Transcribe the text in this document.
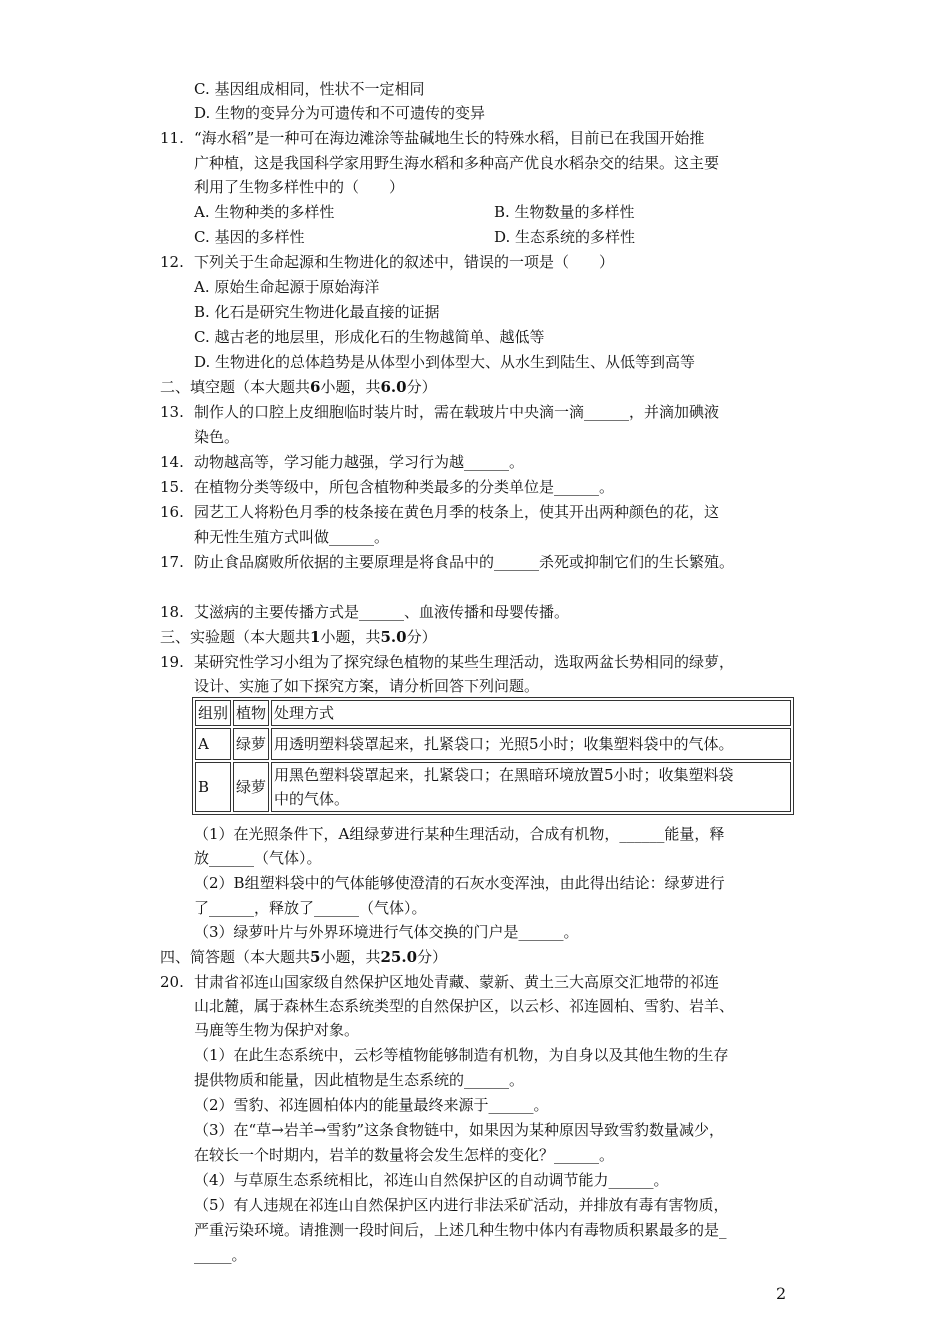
C. 基因组成相同，性状不一定相同
D. 生物的变异分为可遗传和不可遗传的变异
11. “海水稻”是一种可在海边滩涂等盐碱地生长的特殊水稻，目前已在我国开始推
广种植，这是我国科学家用野生海水稻和多种高产优良水稻杂交的结果。这主要
利用了生物多样性中的（　　）
A. 生物种类的多样性	B. 生物数量的多样性
C. 基因的多样性	D. 生态系统的多样性
12. 下列关于生命起源和生物进化的叙述中，错误的一项是（　　）
A. 原始生命起源于原始海洋
B. 化石是研究生物进化最直接的证据
C. 越古老的地层里，形成化石的生物越简单、越低等
D. 生物进化的总体趋势是从体型小到体型大、从水生到陆生、从低等到高等
二、填空题（本大题共6小题，共6.0分）
13. 制作人的口腔上皮细胞临时装片时，需在载玻片中央滴一滴______，并滴加碘液
染色。
14. 动物越高等，学习能力越强，学习行为越______。
15. 在植物分类等级中，所包含植物种类最多的分类单位是______。
16. 园艺工人将粉色月季的枝条接在黄色月季的枝条上，使其开出两种颜色的花，这
种无性生殖方式叫做______。
17. 防止食品腐败所依据的主要原理是将食品中的______杀死或抑制它们的生长繁殖。
18. 艾滋病的主要传播方式是______、血液传播和母婴传播。
三、实验题（本大题共1小题，共5.0分）
19. 某研究性学习小组为了探究绿色植物的某些生理活动，选取两盆长势相同的绿萝，
设计、实施了如下探究方案，请分析回答下列问题。
组别	植物	处理方式
A	绿萝	用透明塑料袋罩起来，扎紧袋口；光照5小时；收集塑料袋中的气体。
B	绿萝	用黑色塑料袋罩起来，扎紧袋口；在黑暗环境放置5小时；收集塑料袋
中的气体。
（1）在光照条件下，A组绿萝进行某种生理活动，合成有机物，______能量，释
放______（气体）。
（2）B组塑料袋中的气体能够使澄清的石灰水变浑浊，由此得出结论：绿萝进行
了______，释放了______（气体）。
（3）绿萝叶片与外界环境进行气体交换的门户是______。
四、简答题（本大题共5小题，共25.0分）
20. 甘肃省祁连山国家级自然保护区地处青藏、蒙新、黄土三大高原交汇地带的祁连
山北麓，属于森林生态系统类型的自然保护区，以云杉、祁连圆柏、雪豹、岩羊、
马鹿等生物为保护对象。
（1）在此生态系统中，云杉等植物能够制造有机物，为自身以及其他生物的生存
提供物质和能量，因此植物是生态系统的______。
（2）雪豹、祁连圆柏体内的能量最终来源于______。
（3）在“草→岩羊→雪豹”这条食物链中，如果因为某种原因导致雪豹数量减少，
在较长一个时期内，岩羊的数量将会发生怎样的变化？______。
（4）与草原生态系统相比，祁连山自然保护区的自动调节能力______。
（5）有人违规在祁连山自然保护区内进行非法采矿活动，并排放有毒有害物质，
严重污染环境。请推测一段时间后，上述几种生物中体内有毒物质积累最多的是_
_____。
2
